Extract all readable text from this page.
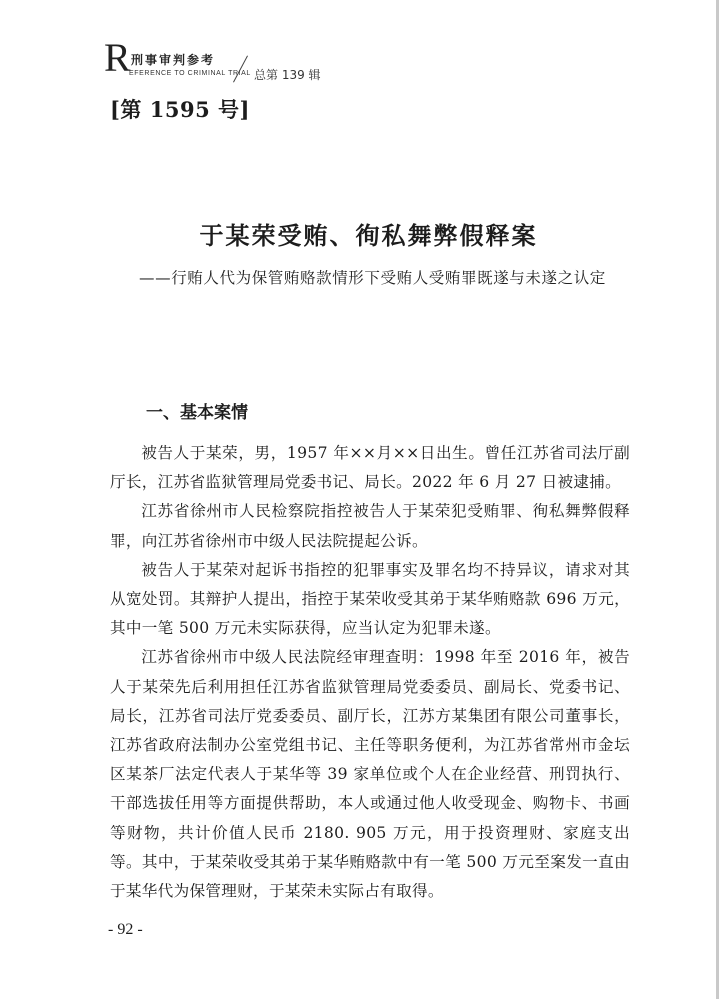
R 刑事审判参考
EFERENCE TO CRIMINAL TRIAL 总第 139 辑
[第 1595 号]
于某荣受贿、徇私舞弊假释案
——行贿人代为保管贿赂款情形下受贿人受贿罪既遂与未遂之认定
一、基本案情

被告人于某荣，男，1957 年××月××日出生。曾任江苏省司法厅副厅长，江苏省监狱管理局党委书记、局长。2022 年 6 月 27 日被逮捕。

江苏省徐州市人民检察院指控被告人于某荣犯受贿罪、徇私舞弊假释罪，向江苏省徐州市中级人民法院提起公诉。

被告人于某荣对起诉书指控的犯罪事实及罪名均不持异议，请求对其从宽处罚。其辩护人提出，指控于某荣收受其弟于某华贿赂款 696 万元，其中一笔 500 万元未实际获得，应当认定为犯罪未遂。

江苏省徐州市中级人民法院经审理查明：1998 年至 2016 年，被告人于某荣先后利用担任江苏省监狱管理局党委委员、副局长、党委书记、局长，江苏省司法厅党委委员、副厅长，江苏方某集团有限公司董事长，江苏省政府法制办公室党组书记、主任等职务便利，为江苏省常州市金坛区某茶厂法定代表人于某华等 39 家单位或个人在企业经营、刑罚执行、干部选拔任用等方面提供帮助，本人或通过他人收受现金、购物卡、书画等财物，共计价值人民币 2180. 905 万元，用于投资理财、家庭支出等。其中，于某荣收受其弟于某华贿赂款中有一笔 500 万元至案发一直由于某华代为保管理财，于某荣未实际占有取得。

- 92 -
